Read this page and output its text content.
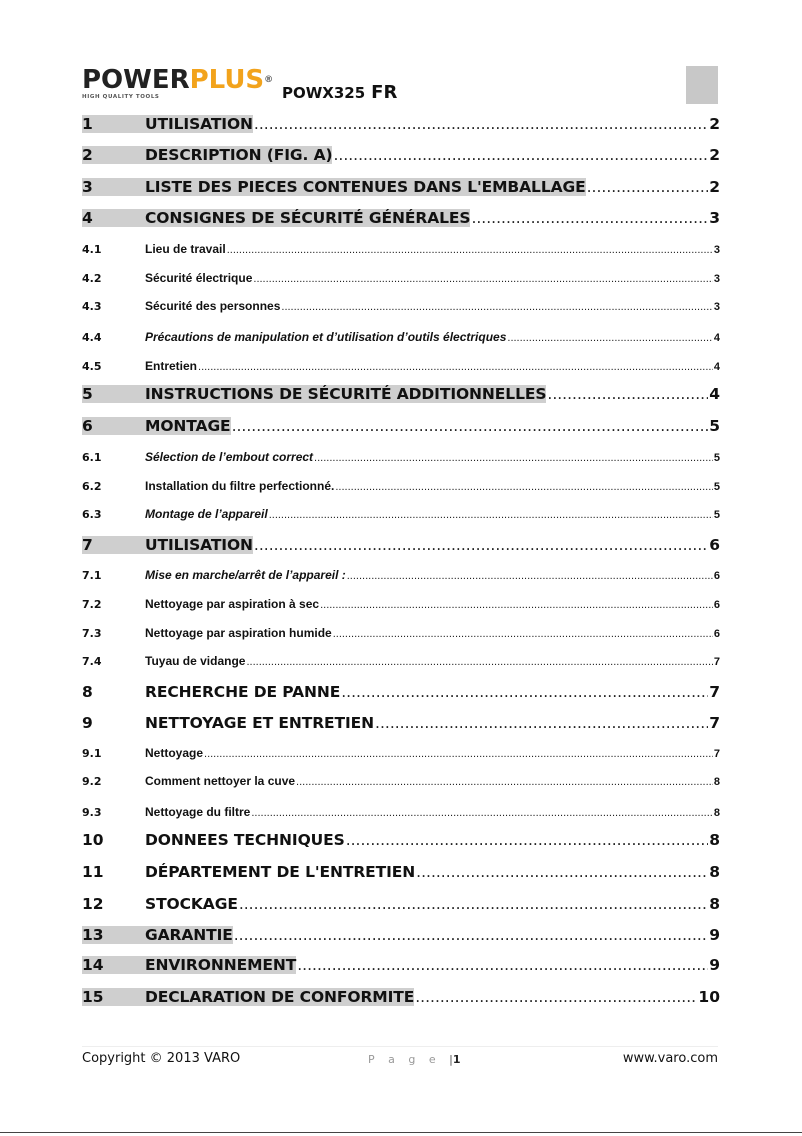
POWERPLUS®
HIGH QUALITY TOOLS	POWX325 FR
1	UTILISATION .....	2
2	DESCRIPTION (FIG. A) .....	2
3	LISTE DES PIECES CONTENUES DANS L'EMBALLAGE .....	2
4	CONSIGNES DE SÉCURITÉ GÉNÉRALES .....	3
4.1	Lieu de travail .....	3
4.2	Sécurité électrique .....	3
4.3	Sécurité des personnes .....	3
4.4	Précautions de manipulation et d’utilisation d’outils électriques .....	4
4.5	Entretien .....	4
5	INSTRUCTIONS DE SÉCURITÉ ADDITIONNELLES .....	4
6	MONTAGE .....	5
6.1	Sélection de l’embout correct .....	5
6.2	Installation du filtre perfectionné. .....	5
6.3	Montage de l’appareil .....	5
7	UTILISATION .....	6
7.1	Mise en marche/arrêt de l’appareil : .....	6
7.2	Nettoyage par aspiration à sec .....	6
7.3	Nettoyage par aspiration humide .....	6
7.4	Tuyau de vidange .....	7
8	RECHERCHE DE PANNE .....	7
9	NETTOYAGE ET ENTRETIEN .....	7
9.1	Nettoyage .....	7
9.2	Comment nettoyer la cuve .....	8
9.3	Nettoyage du filtre .....	8
10	DONNEES TECHNIQUES .....	8
11	DÉPARTEMENT DE L'ENTRETIEN .....	8
12	STOCKAGE .....	8
13	GARANTIE .....	9
14	ENVIRONNEMENT .....	9
15	DECLARATION DE CONFORMITE .....	10
Copyright © 2013 VARO	P a g e |1	www.varo.com
